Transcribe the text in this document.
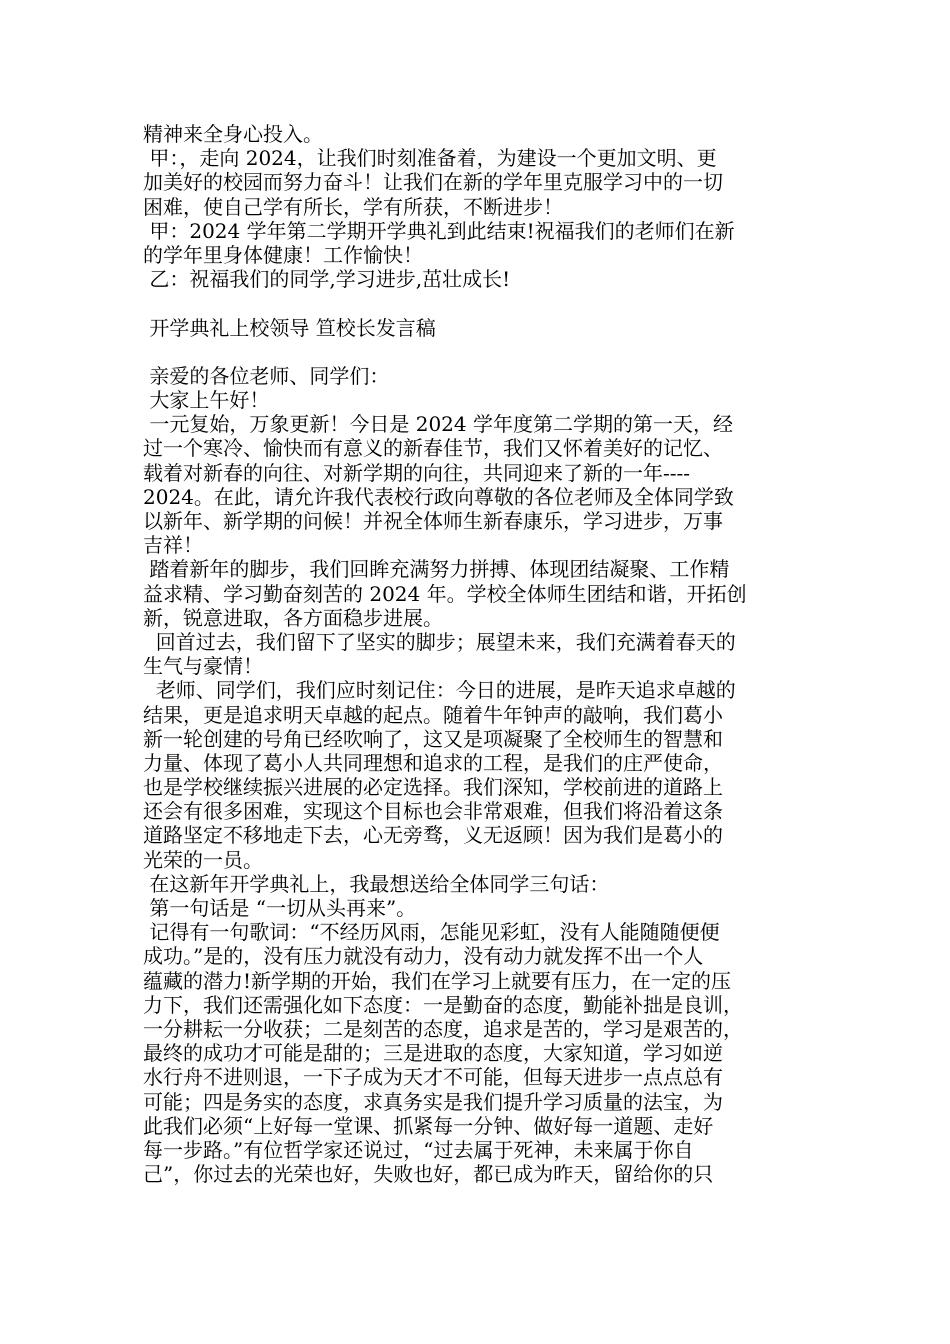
精神来全身心投入。
甲：，走向 2024，让我们时刻准备着，为建设一个更加文明、更
加美好的校园而努力奋斗！让我们在新的学年里克服学习中的一切
困难，使自己学有所长，学有所获，不断进步！
甲：2024 学年第二学期开学典礼到此结束!祝福我们的老师们在新
的学年里身体健康！工作愉快！
乙：祝福我们的同学,学习进步,茁壮成长!
开学典礼上校领导 笪校长发言稿
亲爱的各位老师、同学们：
大家上午好！
一元复始，万象更新！今日是 2024 学年度第二学期的第一天，经
过一个寒冷、愉快而有意义的新春佳节，我们又怀着美好的记忆、
载着对新春的向往、对新学期的向往，共同迎来了新的一年----
2024。在此，请允许我代表校行政向尊敬的各位老师及全体同学致
以新年、新学期的问候！并祝全体师生新春康乐，学习进步，万事
吉祥！
踏着新年的脚步，我们回眸充满努力拼搏、体现团结凝聚、工作精
益求精、学习勤奋刻苦的 2024 年。学校全体师生团结和谐，开拓创
新，锐意进取，各方面稳步进展。
回首过去，我们留下了坚实的脚步；展望未来，我们充满着春天的
生气与豪情！
老师、同学们，我们应时刻记住：今日的进展，是昨天追求卓越的
结果，更是追求明天卓越的起点。随着牛年钟声的敲响，我们葛小
新一轮创建的号角已经吹响了，这又是项凝聚了全校师生的智慧和
力量、体现了葛小人共同理想和追求的工程，是我们的庄严使命，
也是学校继续振兴进展的必定选择。我们深知，学校前进的道路上
还会有很多困难，实现这个目标也会非常艰难，但我们将沿着这条
道路坚定不移地走下去，心无旁骛，义无返顾！因为我们是葛小的
光荣的一员。
在这新年开学典礼上，我最想送给全体同学三句话：
第一句话是 “一切从头再来”。
记得有一句歌词：“不经历风雨，怎能见彩虹，没有人能随随便便
成功。”是的，没有压力就没有动力，没有动力就发挥不出一个人
蕴藏的潜力!新学期的开始，我们在学习上就要有压力，在一定的压
力下，我们还需强化如下态度：一是勤奋的态度，勤能补拙是良训，
一分耕耘一分收获；二是刻苦的态度，追求是苦的，学习是艰苦的，
最终的成功才可能是甜的；三是进取的态度，大家知道，学习如逆
水行舟不进则退，一下子成为天才不可能，但每天进步一点点总有
可能；四是务实的态度，求真务实是我们提升学习质量的法宝，为
此我们必须“上好每一堂课、抓紧每一分钟、做好每一道题、走好
每一步路。”有位哲学家还说过，“过去属于死神，未来属于你自
己”，你过去的光荣也好，失败也好，都已成为昨天，留给你的只
